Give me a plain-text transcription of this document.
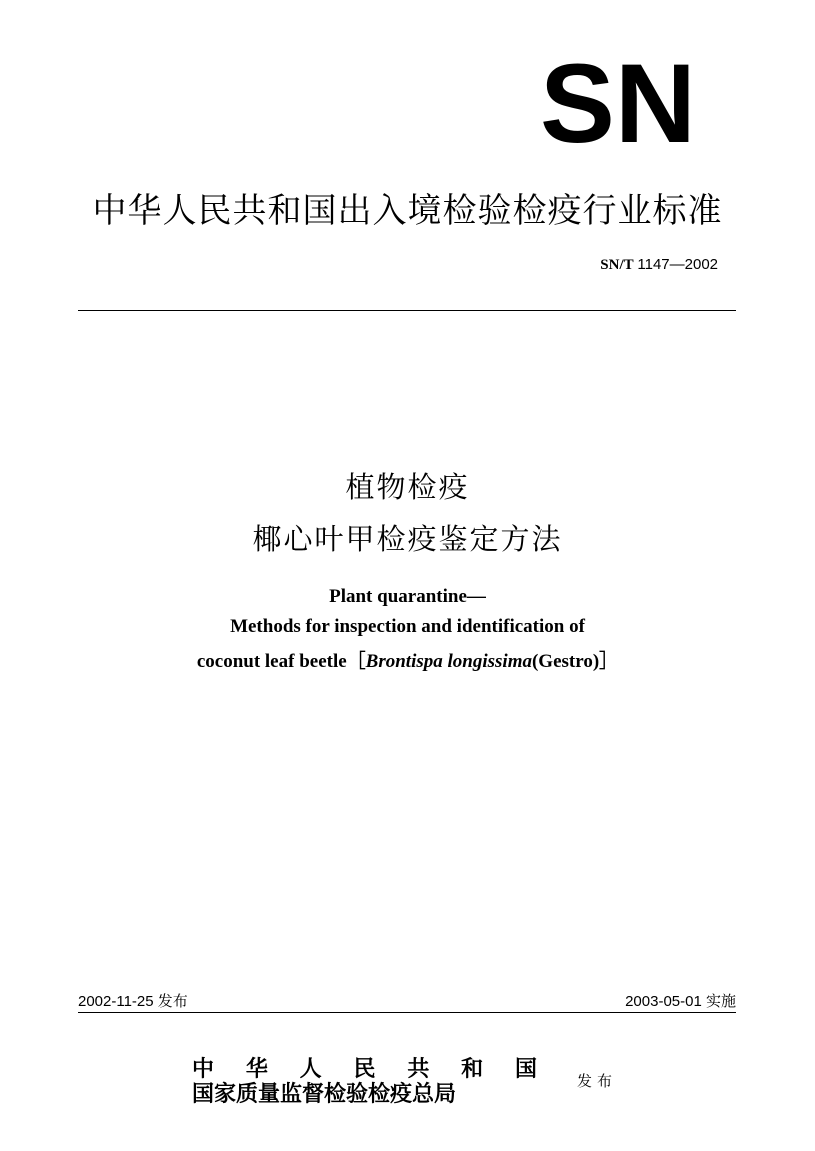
SN
中华人民共和国出入境检验检疫行业标准
SN/T 1147—2002
植物检疫
椰心叶甲检疫鉴定方法
Plant quarantine—
Methods for inspection and identification of
coconut leaf beetle［Brontispa longissima(Gestro)］
2002-11-25 发布	2003-05-01 实施
中 华 人 民 共 和 国
国家质量监督检验检疫总局	发布
